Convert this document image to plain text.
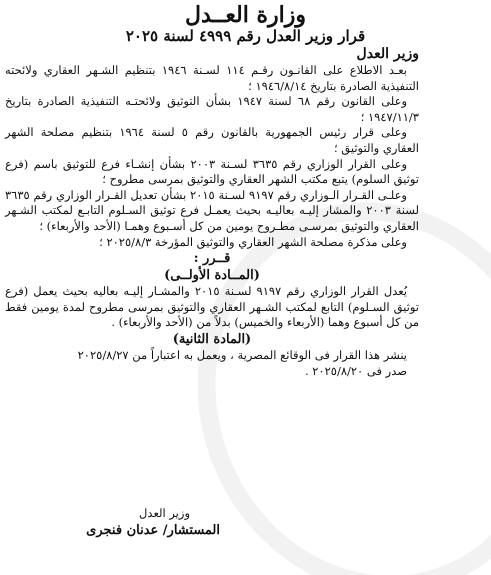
وزارة العــدل
قرار وزير العدل رقم ٤٩٩٩ لسنة ٢٠٢٥
وزير العدل

بعـد الاطلاع على القانـون رقـم ١١٤ لسـنة ١٩٤٦ بتنظيم الشـهر العقاري ولائحته التنفيذية الصادرة بتاريخ ١٩٤٦/٨/١٤ ؛

وعلى القانون رقم ٦٨ لسنة ١٩٤٧ بشأن التوثيق ولائحتـه التنفيذية الصادرة بتاريخ ١٩٤٧/١١/٣ ؛

وعلى قرار رئيس الجمهورية بالقانون رقم ٥ لسنة ١٩٦٤ بتنظيم مصلحة الشهر العقاري والتوثيق ؛

وعلى القرار الوزاري رقم ٣٦٣٥ لسـنة ٢٠٠٣ بشأن إنشـاء فرع للتوثيق باسم (فرع توثيق السلوم) يتبع مكتب الشهر العقاري والتوثيق بمرسى مطروح ؛

وعلـى القـرار الـوزاري رقم ٩١٩٧ لسـنة ٢٠١٥ بشأن تعديل القـرار الوزاري رقم ٣٦٣٥ لسنة ٢٠٠٣ والمشار إليـه بعاليـه بحيث يعمـل فرع توثيق السـلوم التابـع لمكتب الشـهر العقاري والتوثيق بمرسـى مطـروح يومين من كل أسـبوع وهمـا (الأحد والأربعاء) ؛

وعلى مذكرة مصلحة الشهر العقاري والتوثيق المؤرخة ٢٠٢٥/٨/٣ ؛

قــرر :

(المــادة الأولــى)

يُعدل القرار الوزاري رقم ٩١٩٧ لسـنة ٢٠١٥ والمشـار إليـه بعاليه بحيث يعمل (فرع توثيق السـلوم) التابع لمكتب الشـهر العقاري والتوثيق بمرسى مطروح لمدة يومين فقط من كل أسبوع وهما (الأربعاء والخميس) بدلاً من (الأحد والأربعاء) .

(المادة الثانية)

ينشر هذا القرار فى الوقائع المصرية ، ويعمل به اعتباراً من ٢٠٢٥/٨/٢٧

صدر فى ٢٠٢٥/٨/٢٠ .

وزير العدل
المستشار/ عدنان فنجرى
